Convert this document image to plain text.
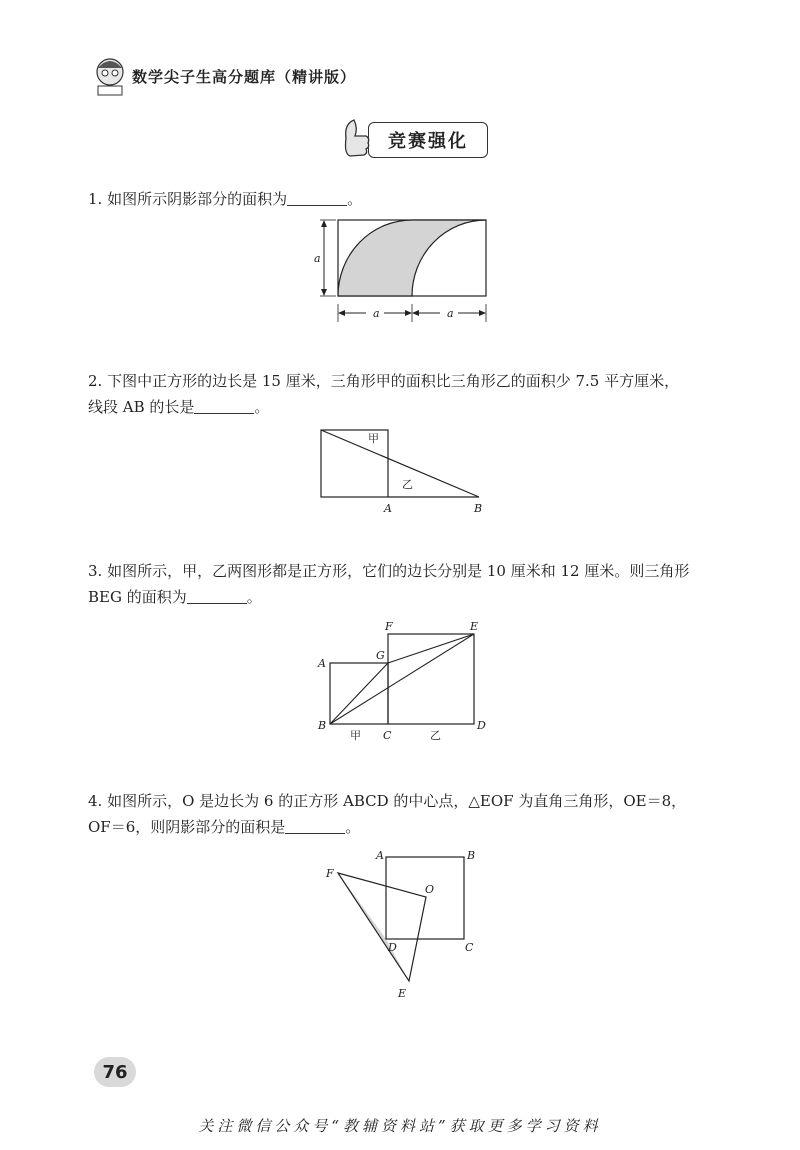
数学尖子生高分题库（精讲版）
竞赛强化
1. 如图所示阴影部分的面积为	。
a
a	a
2. 下图中正方形的边长是 15 厘米，三角形甲的面积比三角形乙的面积少 7.5 平方厘米，
线段 AB 的长是	。
甲
乙
A	B
3. 如图所示，甲，乙两图形都是正方形，它们的边长分别是 10 厘米和 12 厘米。则三角形
BEG 的面积为	。
F	E
G
A
B
C
D
甲	乙
4. 如图所示，O 是边长为 6 的正方形 ABCD 的中心点，△EOF 为直角三角形，OE＝8，
OF＝6，则阴影部分的面积是	。
A	B
C
D
O
F
E
76
关注微信公众号“教辅资料站”获取更多学习资料
